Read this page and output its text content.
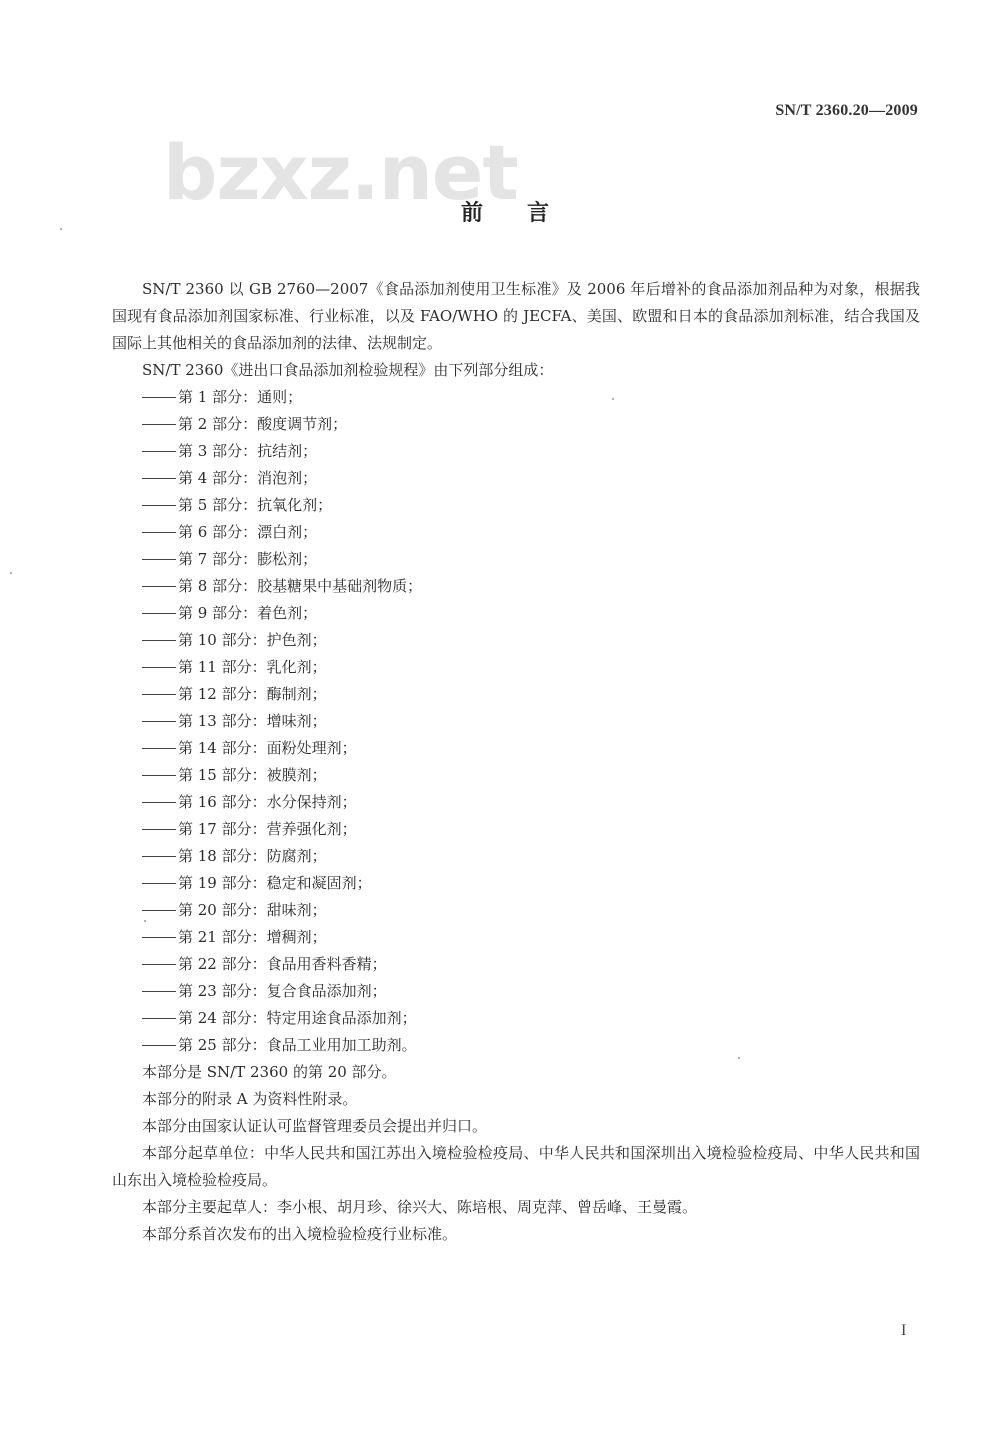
SN/T 2360.20—2009
bzxz.net
前言

SN/T 2360 以 GB 2760—2007《食品添加剂使用卫生标准》及 2006 年后增补的食品添加剂品种为对象，根据我国现有食品添加剂国家标准、行业标准，以及 FAO/WHO 的 JECFA、美国、欧盟和日本的食品添加剂标准，结合我国及国际上其他相关的食品添加剂的法律、法规制定。

SN/T 2360《进出口食品添加剂检验规程》由下列部分组成：

第 1 部分：通则；
第 2 部分：酸度调节剂；
第 3 部分：抗结剂；
第 4 部分：消泡剂；
第 5 部分：抗氧化剂；
第 6 部分：漂白剂；
第 7 部分：膨松剂；
第 8 部分：胶基糖果中基础剂物质；
第 9 部分：着色剂；
第 10 部分：护色剂；
第 11 部分：乳化剂；
第 12 部分：酶制剂；
第 13 部分：增味剂；
第 14 部分：面粉处理剂；
第 15 部分：被膜剂；
第 16 部分：水分保持剂；
第 17 部分：营养强化剂；
第 18 部分：防腐剂；
第 19 部分：稳定和凝固剂；
第 20 部分：甜味剂；
第 21 部分：增稠剂；
第 22 部分：食品用香料香精；
第 23 部分：复合食品添加剂；
第 24 部分：特定用途食品添加剂；
第 25 部分：食品工业用加工助剂。

本部分是 SN/T 2360 的第 20 部分。

本部分的附录 A 为资料性附录。

本部分由国家认证认可监督管理委员会提出并归口。

本部分起草单位：中华人民共和国江苏出入境检验检疫局、中华人民共和国深圳出入境检验检疫局、中华人民共和国山东出入境检验检疫局。

本部分主要起草人：李小根、胡月珍、徐兴大、陈培根、周克萍、曾岳峰、王曼霞。

本部分系首次发布的出入境检验检疫行业标准。

I
